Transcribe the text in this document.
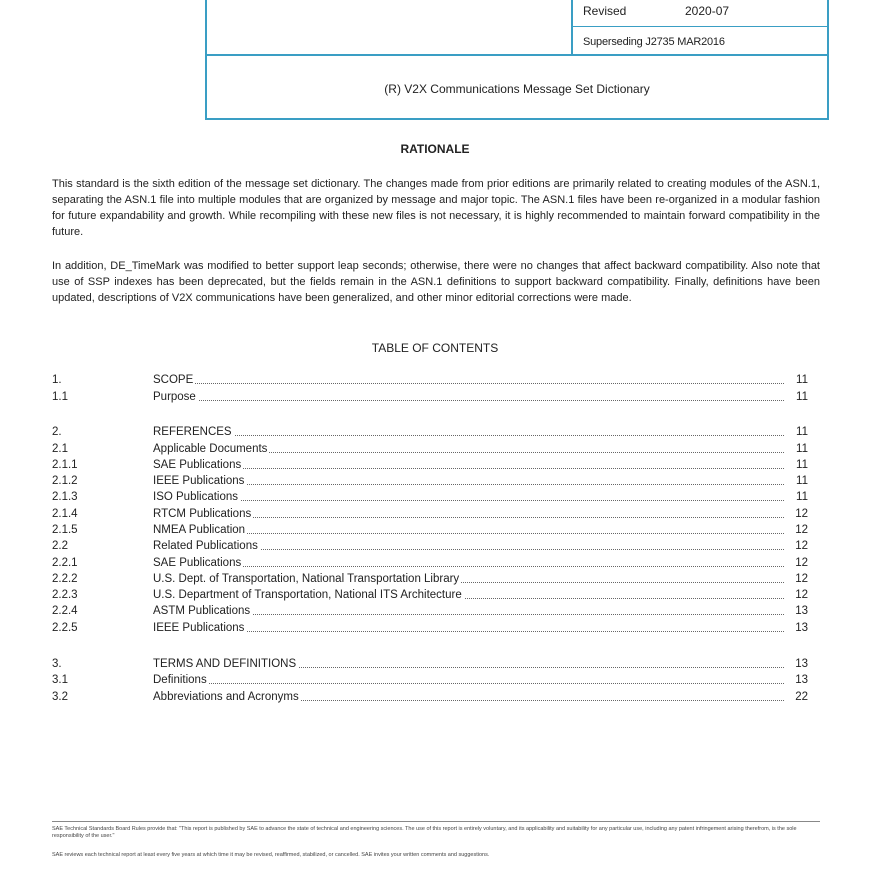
Revised	2020-07
Superseding J2735 MAR2016
(R) V2X Communications Message Set Dictionary
RATIONALE
This standard is the sixth edition of the message set dictionary. The changes made from prior editions are primarily related to creating modules of the ASN.1, separating the ASN.1 file into multiple modules that are organized by message and major topic. The ASN.1 files have been re-organized in a modular fashion for future expandability and growth. While recompiling with these new files is not necessary, it is highly recommended to maintain forward compatibility in the future.
In addition, DE_TimeMark was modified to better support leap seconds; otherwise, there were no changes that affect backward compatibility. Also note that use of SSP indexes has been deprecated, but the fields remain in the ASN.1 definitions to support backward compatibility. Finally, definitions have been updated, descriptions of V2X communications have been generalized, and other minor editorial corrections were made.
TABLE OF CONTENTS
1.	SCOPE	11
1.1	Purpose	11
2.	REFERENCES	11
2.1	Applicable Documents	11
2.1.1	SAE Publications	11
2.1.2	IEEE Publications	11
2.1.3	ISO Publications	11
2.1.4	RTCM Publications	12
2.1.5	NMEA Publication	12
2.2	Related Publications	12
2.2.1	SAE Publications	12
2.2.2	U.S. Dept. of Transportation, National Transportation Library	12
2.2.3	U.S. Department of Transportation, National ITS Architecture	12
2.2.4	ASTM Publications	13
2.2.5	IEEE Publications	13
3.	TERMS AND DEFINITIONS	13
3.1	Definitions	13
3.2	Abbreviations and Acronyms	22
SAE Technical Standards Board Rules provide that: "This report is published by SAE to advance the state of technical and engineering sciences. The use of this report is entirely voluntary, and its applicability and suitability for any particular use, including any patent infringement arising therefrom, is the sole responsibility of the user."
SAE reviews each technical report at least every five years at which time it may be revised, reaffirmed, stabilized, or cancelled. SAE invites your written comments and suggestions.
